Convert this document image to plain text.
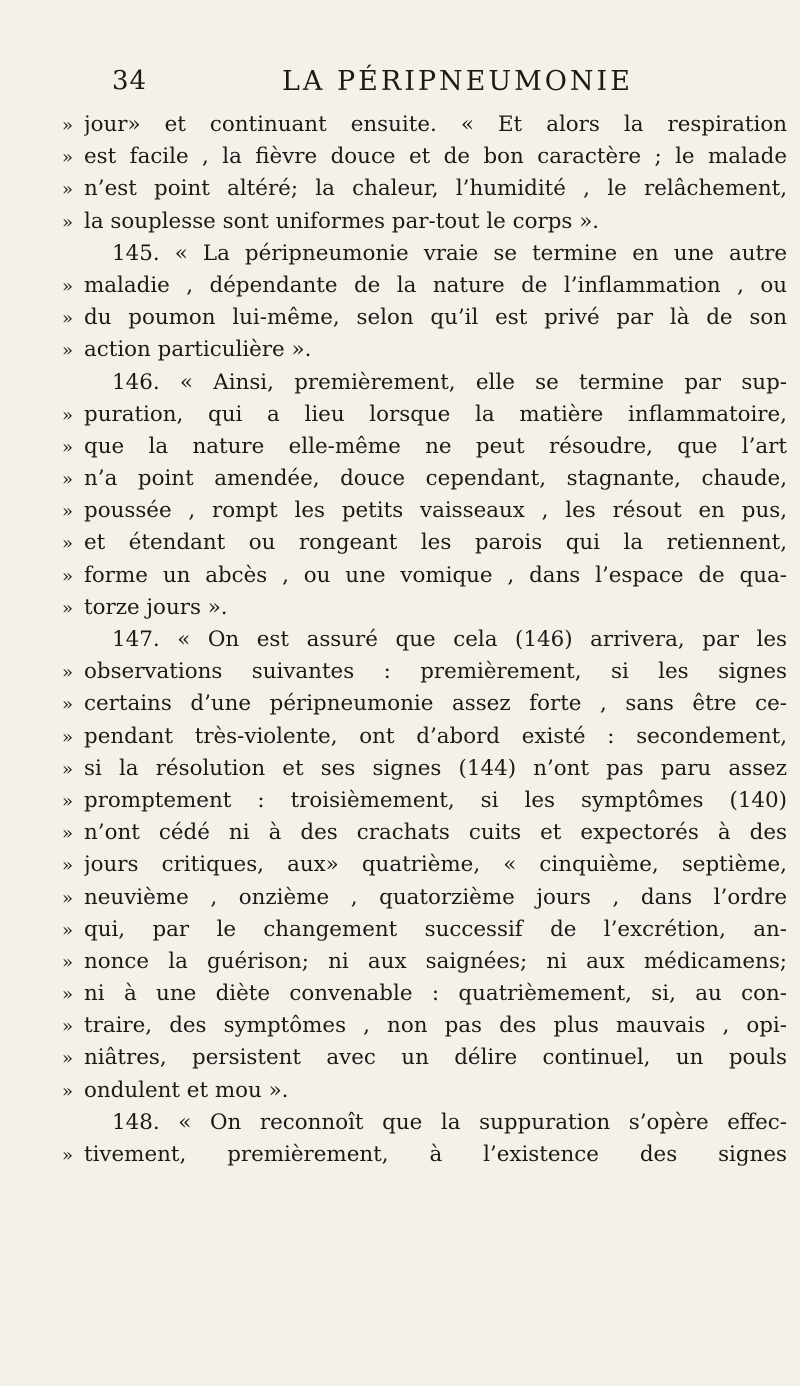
34	LA PÉRIPNEUMONIE
» jour» et continuant ensuite. « Et alors la respiration
» est facile , la fièvre douce et de bon caractère ; le malade
» n’est point altéré; la chaleur, l’humidité , le relâchement,
» la souplesse sont uniformes par-tout le corps ».
145. « La péripneumonie vraie se termine en une autre
» maladie , dépendante de la nature de l’inflammation , ou
» du poumon lui-même, selon qu’il est privé par là de son
» action particulière ».
146. « Ainsi, premièrement, elle se termine par sup-
» puration, qui a lieu lorsque la matière inflammatoire,
» que la nature elle-même ne peut résoudre, que l’art
» n’a point amendée, douce cependant, stagnante, chaude,
» poussée , rompt les petits vaisseaux , les résout en pus,
» et étendant ou rongeant les parois qui la retiennent,
» forme un abcès , ou une vomique , dans l’espace de qua-
» torze jours ».
147. « On est assuré que cela (146) arrivera, par les
» observations suivantes : premièrement, si les signes
» certains d’une péripneumonie assez forte , sans être ce-
» pendant très-violente, ont d’abord existé : secondement,
» si la résolution et ses signes (144) n’ont pas paru assez
» promptement : troisièmement, si les symptômes (140)
» n’ont cédé ni à des crachats cuits et expectorés à des
» jours critiques, aux» quatrième, « cinquième, septième,
» neuvième , onzième , quatorzième jours , dans l’ordre
» qui, par le changement successif de l’excrétion, an-
» nonce la guérison; ni aux saignées; ni aux médicamens;
» ni à une diète convenable : quatrièmement, si, au con-
» traire, des symptômes , non pas des plus mauvais , opi-
» niâtres, persistent avec un délire continuel, un pouls
» ondulent et mou ».
148. « On reconnoît que la suppuration s’opère effec-
» tivement, premièrement, à l’existence des signes
